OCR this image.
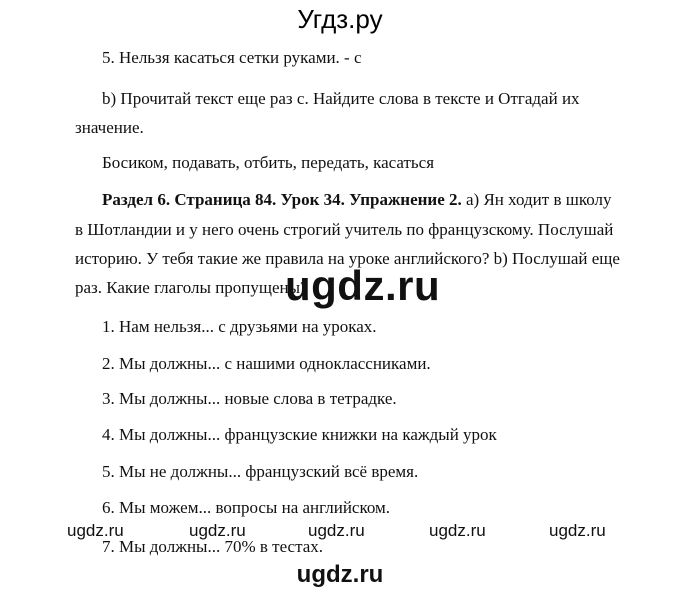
Угдз.ру
5. Нельзя касаться сетки руками. - c
b) Прочитай текст еще раз c. Найдите слова в тексте и Отгадай их
значение.
Босиком, подавать, отбить, передать, касаться
Раздел 6. Страница 84. Урок 34. Упражнение 2. а) Ян ходит в школу
в Шотландии и у него очень строгий учитель по французскому. Послушай
историю. У тебя такие же правила на уроке английского? b) Послушай еще
раз. Какие глаголы пропущены?
1. Нам нельзя... с друзьями на уроках.
2. Мы должны... с нашими одноклассниками.
3. Мы должны... новые слова в тетрадке.
4. Мы должны... французские книжки на каждый урок
5. Мы не должны... французский всё время.
6. Мы можем... вопросы на английском.
7. Мы должны... 70% в тестах.
ugdz.ru
ugdz.ru	ugdz.ru	ugdz.ru	ugdz.ru	ugdz.ru
ugdz.ru
